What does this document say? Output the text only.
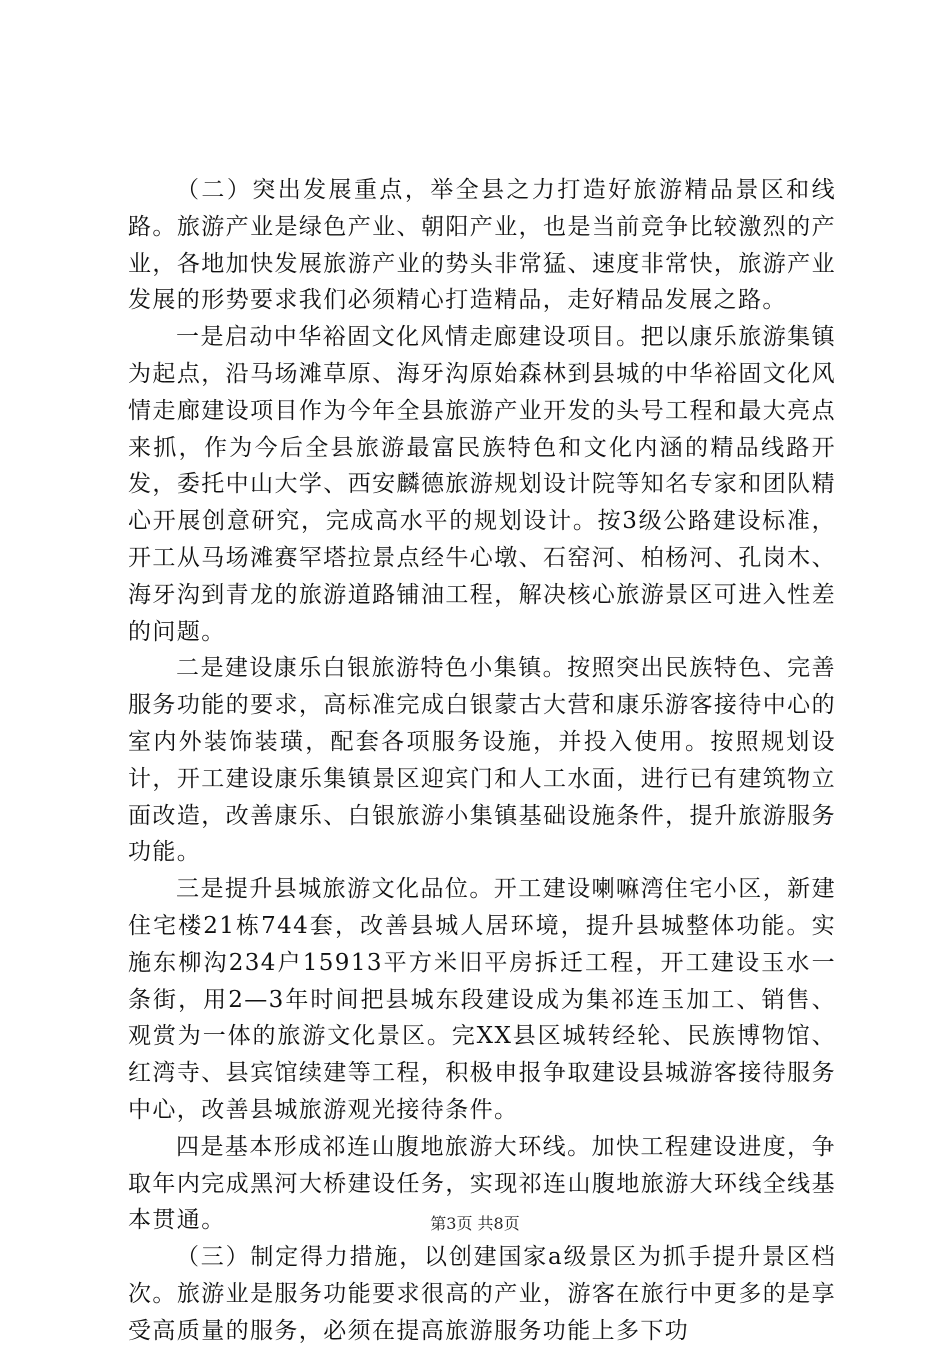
（二）突出发展重点，举全县之力打造好旅游精品景区和线路。旅游产业是绿色产业、朝阳产业，也是当前竞争比较激烈的产业，各地加快发展旅游产业的势头非常猛、速度非常快，旅游产业发展的形势要求我们必须精心打造精品，走好精品发展之路。

一是启动中华裕固文化风情走廊建设项目。把以康乐旅游集镇为起点，沿马场滩草原、海牙沟原始森林到县城的中华裕固文化风情走廊建设项目作为今年全县旅游产业开发的头号工程和最大亮点来抓，作为今后全县旅游最富民族特色和文化内涵的精品线路开发，委托中山大学、西安麟德旅游规划设计院等知名专家和团队精心开展创意研究，完成高水平的规划设计。按3级公路建设标准，开工从马场滩赛罕塔拉景点经牛心墩、石窑河、柏杨河、孔岗木、海牙沟到青龙的旅游道路铺油工程，解决核心旅游景区可进入性差的问题。

二是建设康乐白银旅游特色小集镇。按照突出民族特色、完善服务功能的要求，高标准完成白银蒙古大营和康乐游客接待中心的室内外装饰装璜，配套各项服务设施，并投入使用。按照规划设计，开工建设康乐集镇景区迎宾门和人工水面，进行已有建筑物立面改造，改善康乐、白银旅游小集镇基础设施条件，提升旅游服务功能。

三是提升县城旅游文化品位。开工建设喇嘛湾住宅小区，新建住宅楼21栋744套，改善县城人居环境，提升县城整体功能。实施东柳沟234户15913平方米旧平房拆迁工程，开工建设玉水一条街，用2—3年时间把县城东段建设成为集祁连玉加工、销售、观赏为一体的旅游文化景区。完XX县区城转经轮、民族博物馆、红湾寺、县宾馆续建等工程，积极申报争取建设县城游客接待服务中心，改善县城旅游观光接待条件。

四是基本形成祁连山腹地旅游大环线。加快工程建设进度，争取年内完成黑河大桥建设任务，实现祁连山腹地旅游大环线全线基本贯通。

（三）制定得力措施，以创建国家a级景区为抓手提升景区档次。旅游业是服务功能要求很高的产业，游客在旅行中更多的是享受高质量的服务，必须在提高旅游服务功能上多下功

第3页 共8页
